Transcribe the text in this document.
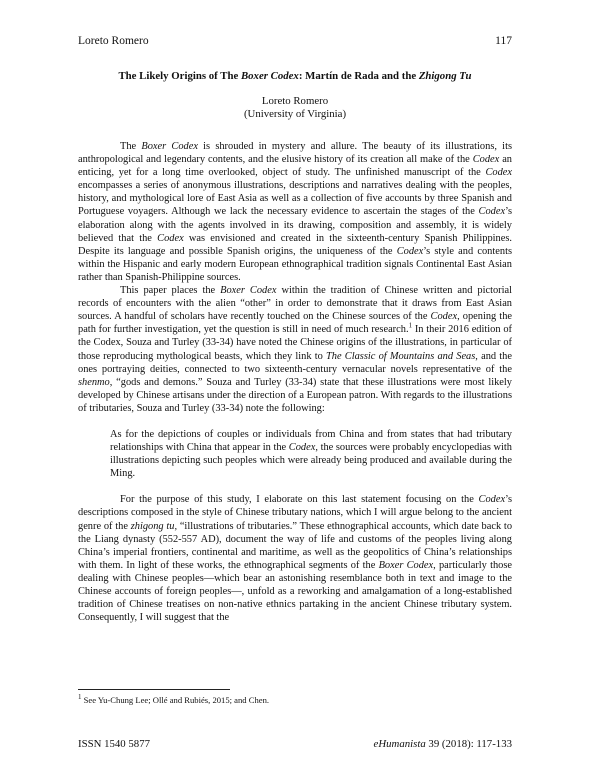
Loreto Romero	117
The Likely Origins of The Boxer Codex: Martín de Rada and the Zhigong Tu
Loreto Romero
(University of Virginia)

The Boxer Codex is shrouded in mystery and allure. The beauty of its illustrations, its anthropological and legendary contents, and the elusive history of its creation all make of the Codex an enticing, yet for a long time overlooked, object of study. The unfinished manuscript of the Codex encompasses a series of anonymous illustrations, descriptions and narratives dealing with the peoples, history, and mythological lore of East Asia as well as a collection of five accounts by three Spanish and Portuguese voyagers. Although we lack the necessary evidence to ascertain the stages of the Codex’s elaboration along with the agents involved in its drawing, composition and assembly, it is widely believed that the Codex was envisioned and created in the sixteenth-century Spanish Philippines. Despite its language and possible Spanish origins, the uniqueness of the Codex’s style and contents within the Hispanic and early modern European ethnographical tradition signals Continental East Asian rather than Spanish-Philippine sources.

This paper places the Boxer Codex within the tradition of Chinese written and pictorial records of encounters with the alien “other” in order to demonstrate that it draws from East Asian sources. A handful of scholars have recently touched on the Chinese sources of the Codex, opening the path for further investigation, yet the question is still in need of much research.$^1$ In their 2016 edition of the Codex, Souza and Turley (33-34) have noted the Chinese origins of the illustrations, in particular of those reproducing mythological beasts, which they link to The Classic of Mountains and Seas, and the ones portraying deities, connected to two sixteenth-century vernacular novels representative of the shenmo, “gods and demons.” Souza and Turley (33-34) state that these illustrations were most likely developed by Chinese artisans under the direction of a European patron. With regards to the illustrations of tributaries, Souza and Turley (33-34) note the following:

As for the depictions of couples or individuals from China and from states that had tributary relationships with China that appear in the Codex, the sources were probably encyclopedias with illustrations depicting such peoples which were already being produced and available during the Ming.

For the purpose of this study, I elaborate on this last statement focusing on the Codex’s descriptions composed in the style of Chinese tributary nations, which I will argue belong to the ancient genre of the zhigong tu, “illustrations of tributaries.” These ethnographical accounts, which date back to the Liang dynasty (552-557 AD), document the way of life and customs of the peoples living along China’s imperial frontiers, continental and maritime, as well as the geopolitics of China’s relationships with them. In light of these works, the ethnographical segments of the Boxer Codex, particularly those dealing with Chinese peoples—which bear an astonishing resemblance both in text and image to the Chinese accounts of foreign peoples—, unfold as a reworking and amalgamation of a long-established tradition of Chinese treatises on non-native ethnics partaking in the ancient Chinese tributary system. Consequently, I will suggest that the

$^1$ See Yu-Chung Lee; Ollé and Rubiés, 2015; and Chen.
ISSN 1540 5877	eHumanista 39 (2018): 117-133
